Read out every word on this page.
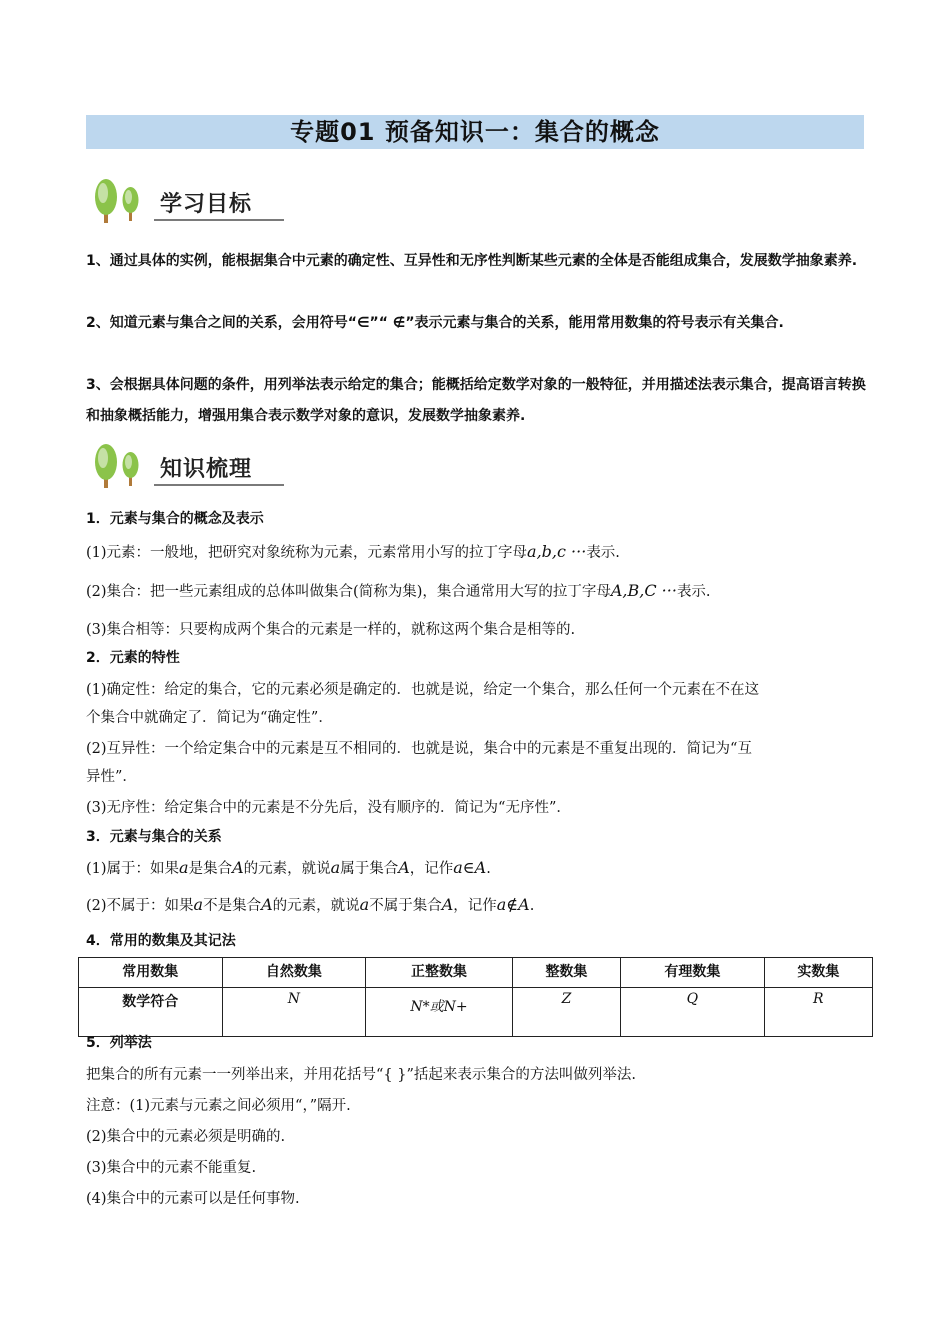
专题01 预备知识一：集合的概念
学习目标
1、通过具体的实例，能根据集合中元素的确定性、互异性和无序性判断某些元素的全体是否能组成集合，发展数学抽象素养.
2、知道元素与集合之间的关系，会用符号“∈”“ ∉”表示元素与集合的关系，能用常用数集的符号表示有关集合.
3、会根据具体问题的条件，用列举法表示给定的集合；能概括给定数学对象的一般特征，并用描述法表示集合，提高语言转换和抽象概括能力，增强用集合表示数学对象的意识，发展数学抽象素养.
知识梳理
1．元素与集合的概念及表示
(1)元素：一般地，把研究对象统称为元素，元素常用小写的拉丁字母a,b,c ···表示.
(2)集合：把一些元素组成的总体叫做集合(简称为集)，集合通常用大写的拉丁字母A,B,C ···表示.
(3)集合相等：只要构成两个集合的元素是一样的，就称这两个集合是相等的.
2．元素的特性
(1)确定性：给定的集合，它的元素必须是确定的．也就是说，给定一个集合，那么任何一个元素在不在这
个集合中就确定了．简记为“确定性”．
(2)互异性：一个给定集合中的元素是互不相同的．也就是说，集合中的元素是不重复出现的．简记为“互
异性”．
(3)无序性：给定集合中的元素是不分先后，没有顺序的．简记为“无序性”．
3．元素与集合的关系
(1)属于：如果a是集合A的元素，就说a属于集合A，记作a∈A.
(2)不属于：如果a不是集合A的元素，就说a不属于集合A，记作a∉A.
4．常用的数集及其记法
常用数集	自然数集	正整数集	整数集	有理数集	实数集
数学符合	N	N*或N+	Z	Q	R
5．列举法
把集合的所有元素一一列举出来，并用花括号“{ }”括起来表示集合的方法叫做列举法.
注意：(1)元素与元素之间必须用“，”隔开.
(2)集合中的元素必须是明确的.
(3)集合中的元素不能重复.
(4)集合中的元素可以是任何事物.
